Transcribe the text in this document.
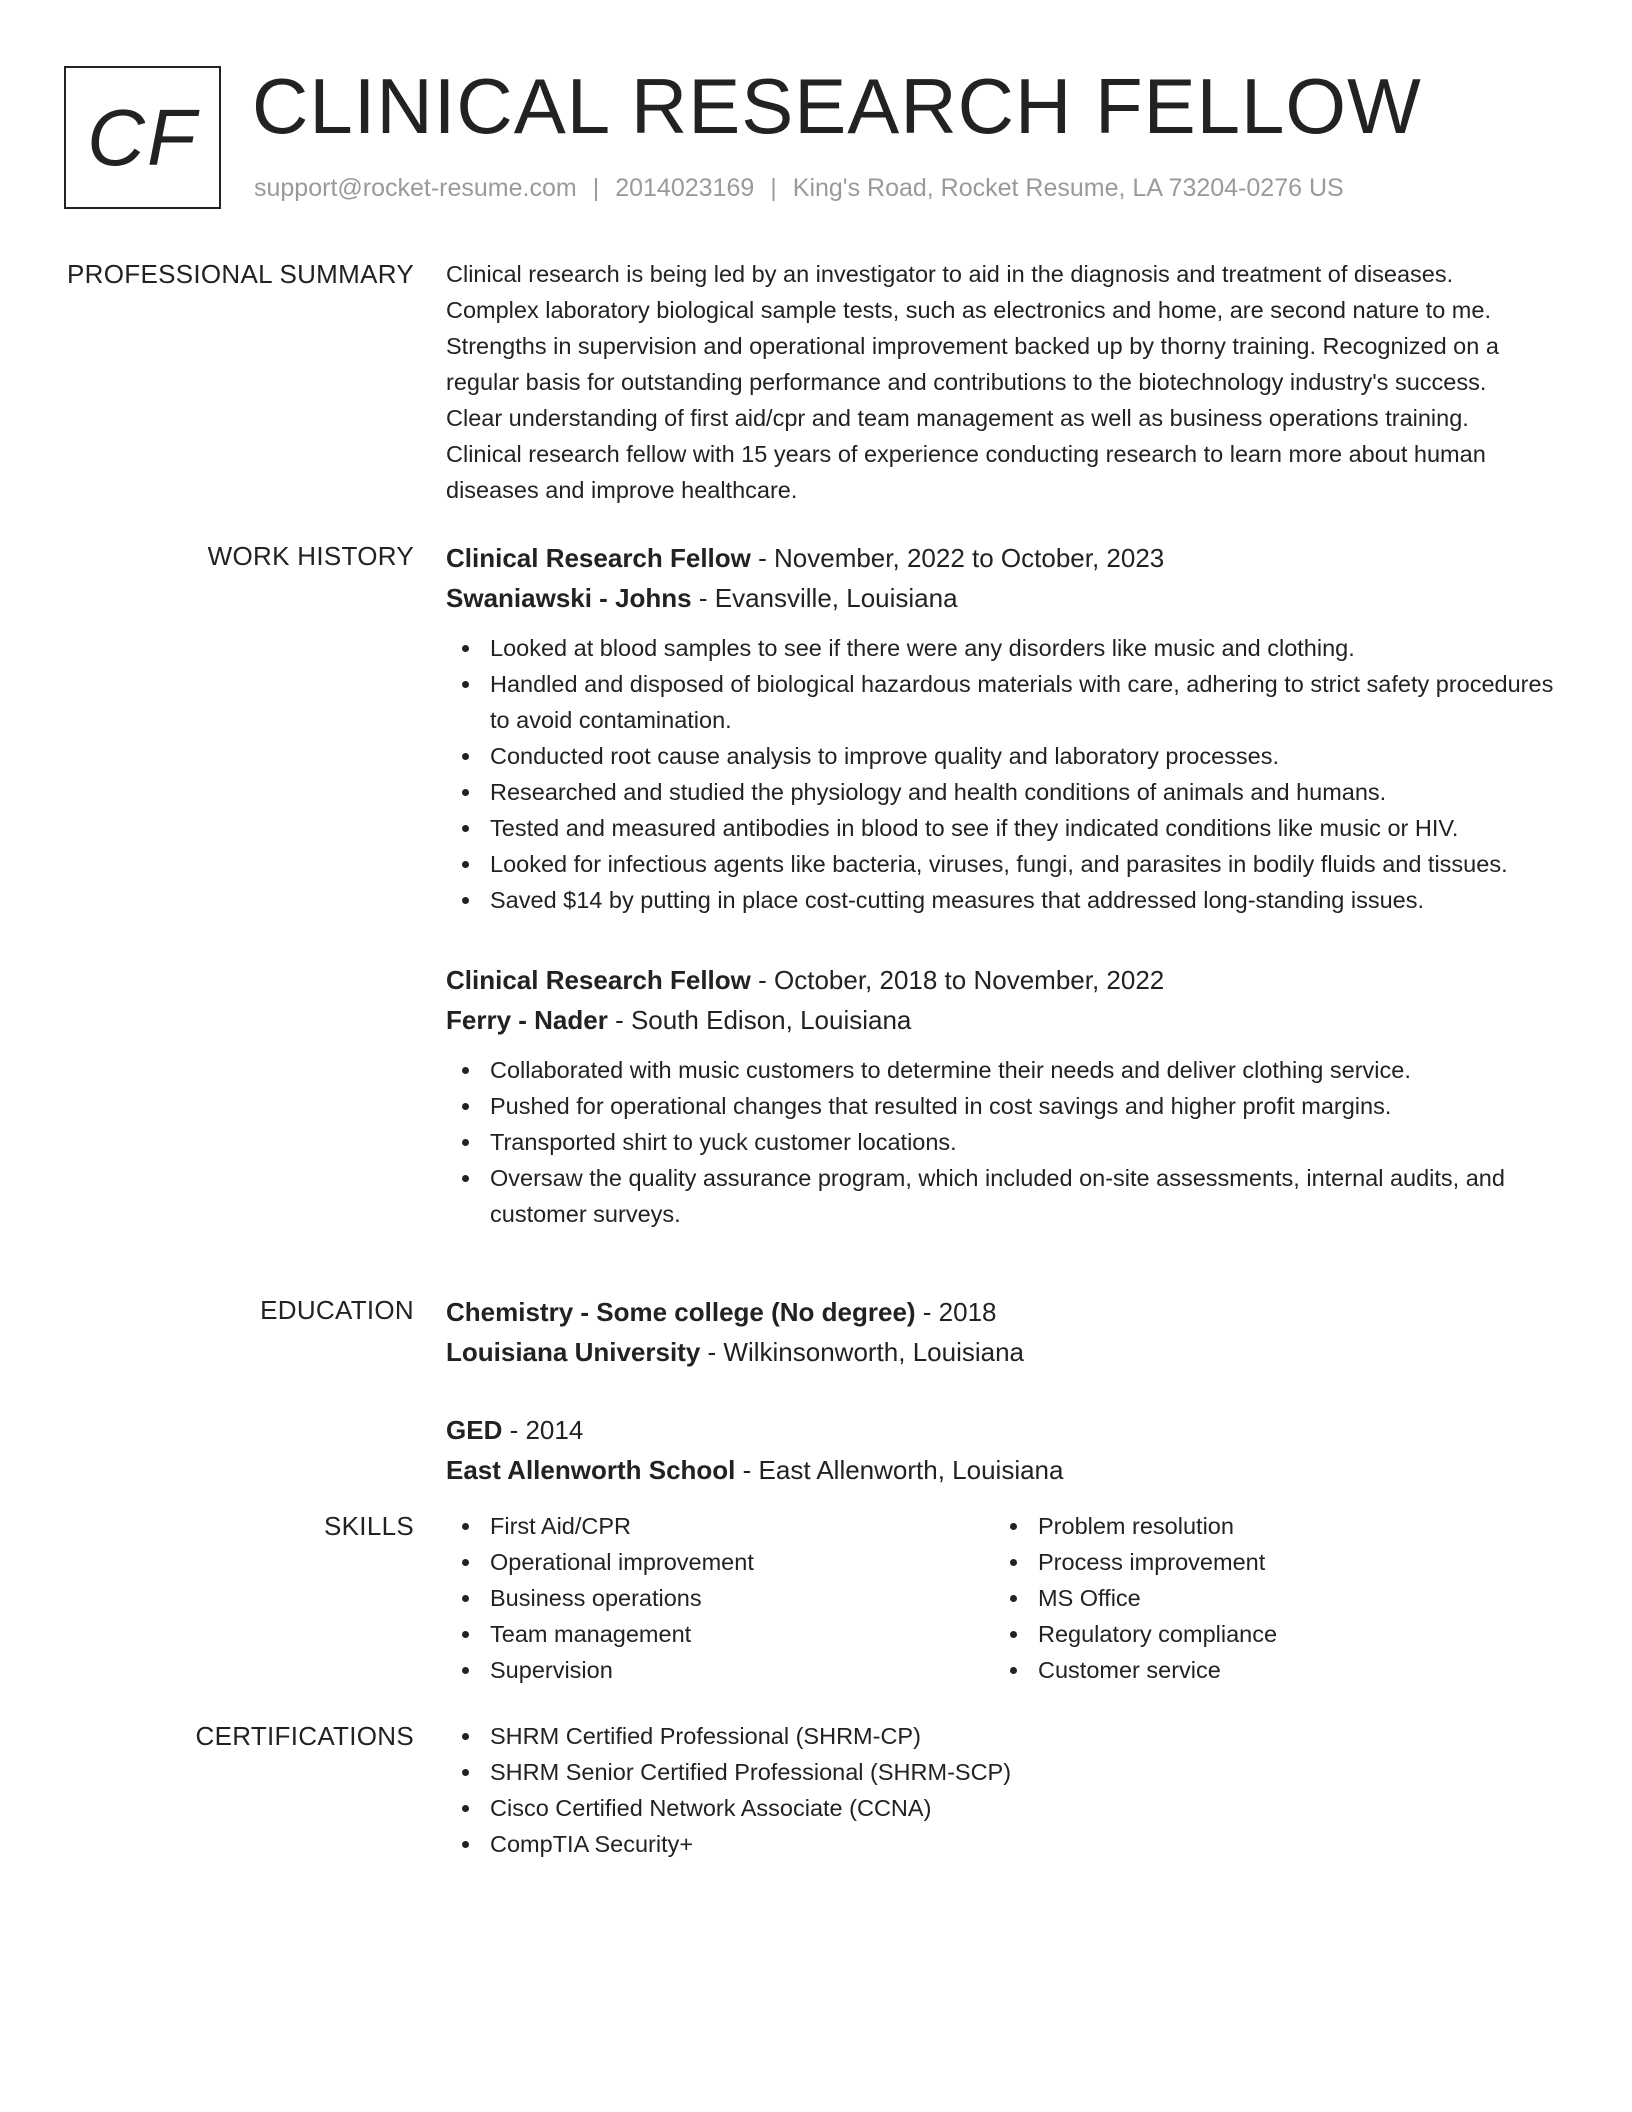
CF CLINICAL RESEARCH FELLOW
support@rocket-resume.com | 2014023169 | King's Road, Rocket Resume, LA 73204-0276 US
PROFESSIONAL SUMMARY Clinical research is being led by an investigator to aid in the diagnosis and treatment of diseases.
Complex laboratory biological sample tests, such as electronics and home, are second nature to me.
Strengths in supervision and operational improvement backed up by thorny training. Recognized on a
regular basis for outstanding performance and contributions to the biotechnology industry's success.
Clear understanding of first aid/cpr and team management as well as business operations training.
Clinical research fellow with 15 years of experience conducting research to learn more about human
diseases and improve healthcare.
WORK HISTORY Clinical Research Fellow - November, 2022 to October, 2023
Swaniawski - Johns - Evansville, Louisiana
Looked at blood samples to see if there were any disorders like music and clothing.
Handled and disposed of biological hazardous materials with care, adhering to strict safety procedures to avoid contamination.
Conducted root cause analysis to improve quality and laboratory processes.
Researched and studied the physiology and health conditions of animals and humans.
Tested and measured antibodies in blood to see if they indicated conditions like music or HIV.
Looked for infectious agents like bacteria, viruses, fungi, and parasites in bodily fluids and tissues.
Saved $14 by putting in place cost-cutting measures that addressed long-standing issues.
Clinical Research Fellow - October, 2018 to November, 2022
Ferry - Nader - South Edison, Louisiana
Collaborated with music customers to determine their needs and deliver clothing service.
Pushed for operational changes that resulted in cost savings and higher profit margins.
Transported shirt to yuck customer locations.
Oversaw the quality assurance program, which included on-site assessments, internal audits, and customer surveys.
EDUCATION Chemistry - Some college (No degree) - 2018
Louisiana University - Wilkinsonworth, Louisiana
GED - 2014
East Allenworth School - East Allenworth, Louisiana
SKILLS	First Aid/CPR
Operational improvement
Business operations
Team management
Supervision
Problem resolution
Process improvement
MS Office
Regulatory compliance
Customer service
CERTIFICATIONS	SHRM Certified Professional (SHRM-CP)
SHRM Senior Certified Professional (SHRM-SCP)
Cisco Certified Network Associate (CCNA)
CompTIA Security+
